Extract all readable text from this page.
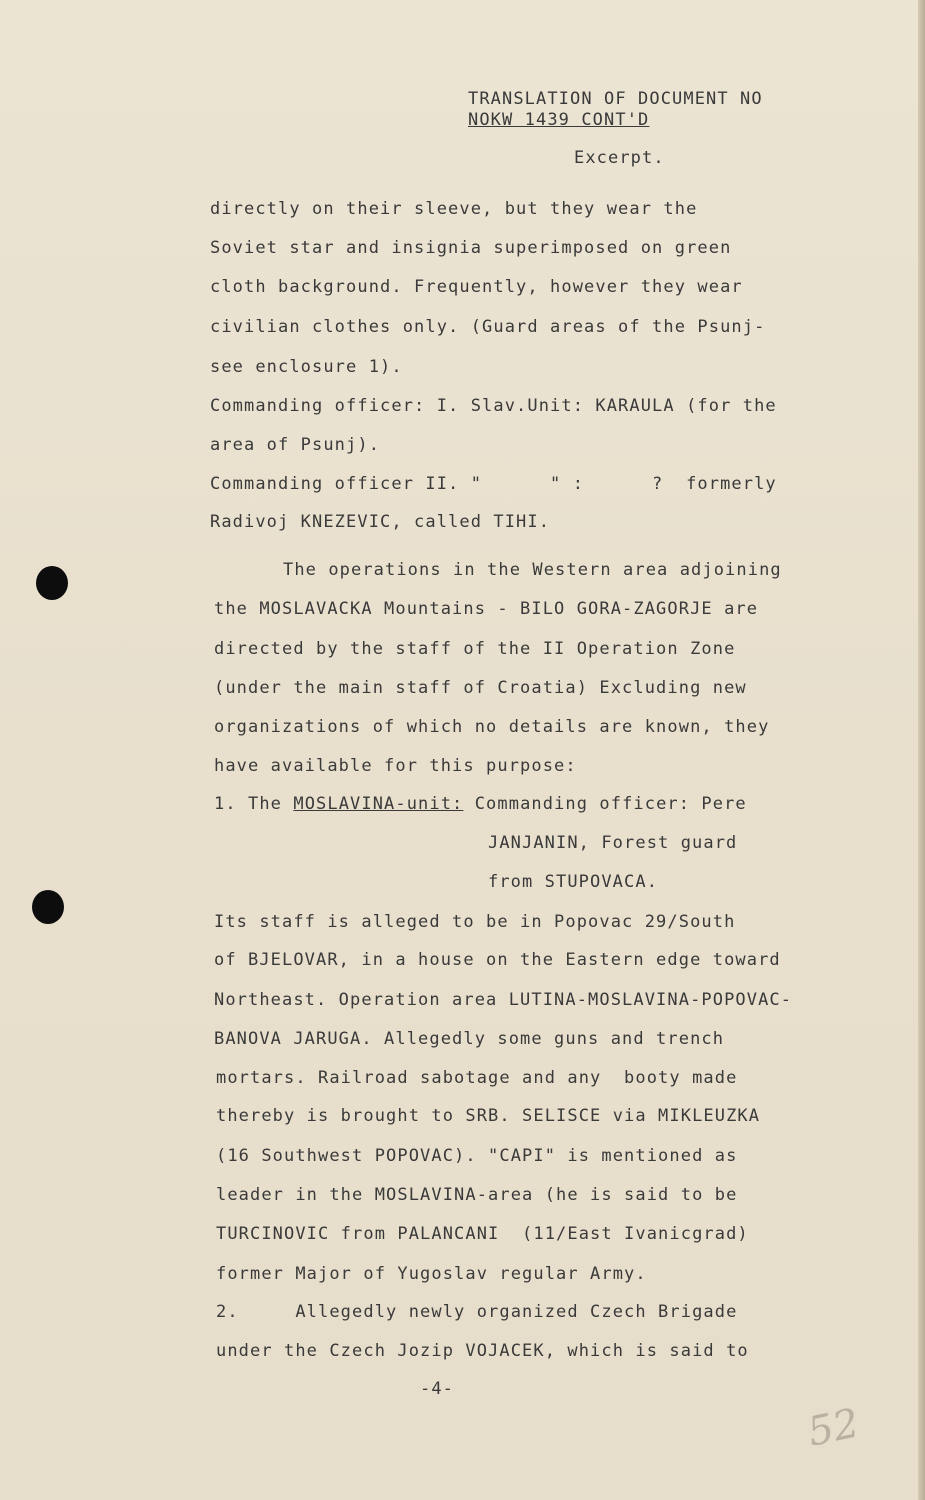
TRANSLATION OF DOCUMENT NO
NOKW 1439 CONT'D
Excerpt.
directly on their sleeve, but they wear the
Soviet star and insignia superimposed on green
cloth background. Frequently, however they wear
civilian clothes only. (Guard areas of the Psunj-
see enclosure 1).
Commanding officer: I. Slav.Unit: KARAULA (for the
area of Psunj).
Commanding officer II. "      " :      ?  formerly
Radivoj KNEZEVIC, called TIHI.
The operations in the Western area adjoining
the MOSLAVACKA Mountains - BILO GORA-ZAGORJE are
directed by the staff of the II Operation Zone
(under the main staff of Croatia) Excluding new
organizations of which no details are known, they
have available for this purpose:
1. The MOSLAVINA-unit: Commanding officer: Pere
JANJANIN, Forest guard
from STUPOVACA.
Its staff is alleged to be in Popovac 29/South
of BJELOVAR, in a house on the Eastern edge toward
Northeast. Operation area LUTINA-MOSLAVINA-POPOVAC-
BANOVA JARUGA. Allegedly some guns and trench
mortars. Railroad sabotage and any  booty made
thereby is brought to SRB. SELISCE via MIKLEUZKA
(16 Southwest POPOVAC). "CAPI" is mentioned as
leader in the MOSLAVINA-area (he is said to be
TURCINOVIC from PALANCANI  (11/East Ivanicgrad)
former Major of Yugoslav regular Army.
2.     Allegedly newly organized Czech Brigade
under the Czech Jozip VOJACEK, which is said to
-4-
52
